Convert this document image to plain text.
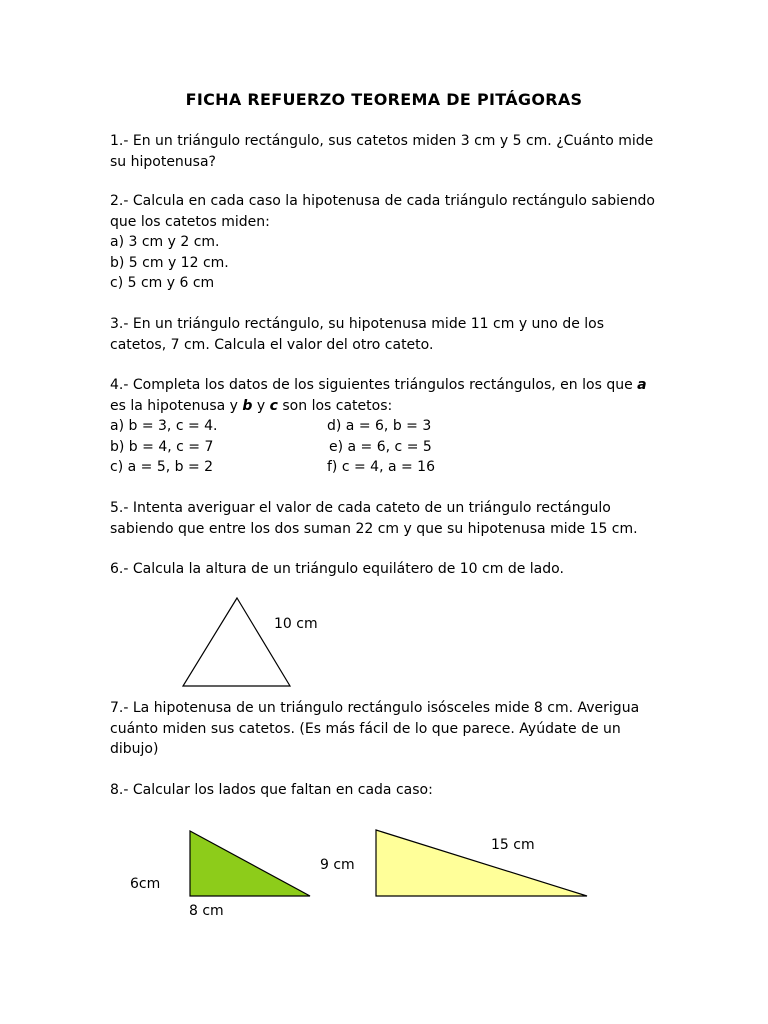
FICHA REFUERZO TEOREMA DE PITÁGORAS
1.- En un triángulo rectángulo, sus catetos miden 3 cm y 5 cm. ¿Cuánto mide
su hipotenusa?
2.- Calcula en cada caso la hipotenusa de cada triángulo rectángulo sabiendo
que los catetos miden:
a) 3 cm y 2 cm.
b) 5 cm y 12 cm.
c) 5 cm y 6 cm
3.- En un triángulo rectángulo, su hipotenusa mide 11 cm y uno de los
catetos, 7 cm. Calcula el valor del otro cateto.
4.- Completa los datos de los siguientes triángulos rectángulos, en los que a
es la hipotenusa y b y c son los catetos:
a) b = 3, c = 4.	d) a = 6, b = 3
b) b = 4, c = 7	e) a = 6, c = 5
c) a = 5, b = 2	f) c = 4, a = 16
5.- Intenta averiguar el valor de cada cateto de un triángulo rectángulo
sabiendo que entre los dos suman 22 cm y que su hipotenusa mide 15 cm.
6.- Calcula la altura de un triángulo equilátero de 10 cm de lado.
10 cm
7.- La hipotenusa de un triángulo rectángulo isósceles mide 8 cm. Averigua
cuánto miden sus catetos. (Es más fácil de lo que parece. Ayúdate de un
dibujo)
8.- Calcular los lados que faltan en cada caso:
6cm
8 cm
9 cm
15 cm
